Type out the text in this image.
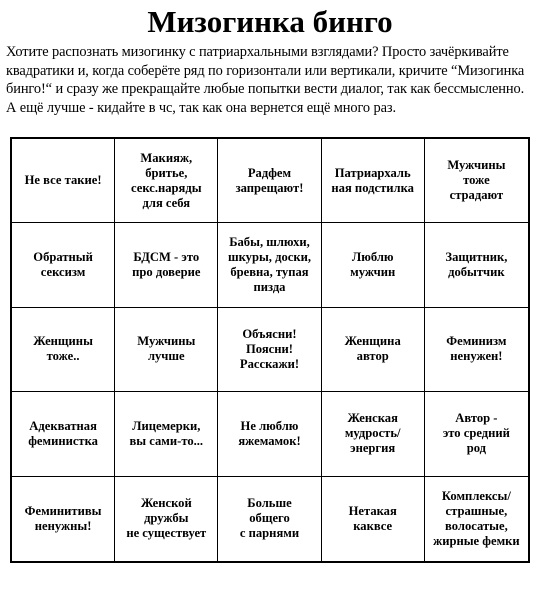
Мизогинка бинго
Хотите распознать мизогинку с патриархальными взглядами? Просто зачёркивайте квадратики и, когда соберёте ряд по горизонтали или вертикали, кричите “Мизогинка бинго!“ и сразу же прекращайте любые попытки вести диалог, так как бессмысленно. А ещё лучше - кидайте в чс, так как она вернется ещё много раз.
Не все такие!
Макияж,
бритье,
секс.наряды
для себя
Радфем
запрещают!
Патриархаль
ная подстилка
Мужчины
тоже
страдают
Обратный
сексизм
БДСМ - это
про доверие
Бабы, шлюхи,
шкуры, доски,
бревна, тупая
пизда
Люблю
мужчин
Защитник,
добытчик
Женщины
тоже..
Мужчины
лучше
Объясни!
Поясни!
Расскажи!
Женщина
автор
Феминизм
ненужен!
Адекватная
феминистка
Лицемерки,
вы сами-то...
Не люблю
яжемамок!
Женская
мудрость/
энергия
Автор -
это средний
род
Феминитивы
ненужны!
Женской
дружбы
не существует
Больше
общего
с парнями
Нетакая
каквсе
Комплексы/
страшные,
волосатые,
жирные фемки
